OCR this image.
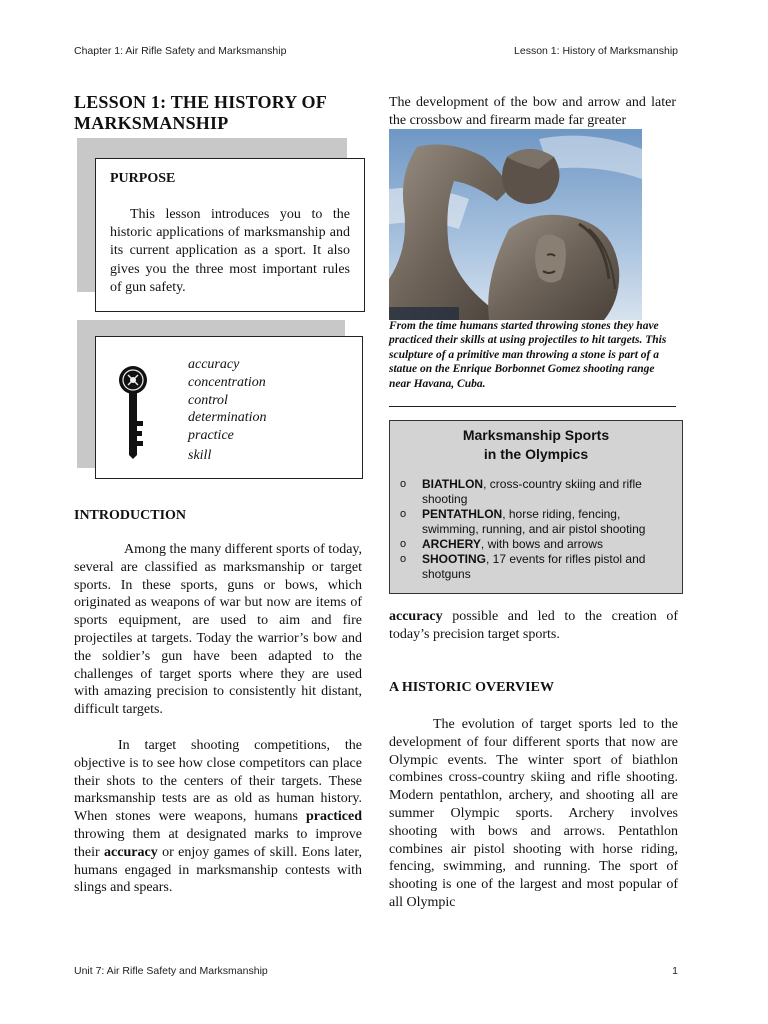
Chapter 1: Air Rifle Safety and Marksmanship	Lesson 1: History of Marksmanship
LESSON 1: THE HISTORY OF MARKSMANSHIP
PURPOSE
This lesson introduces you to the historic applications of marksmanship and its current application as a sport. It also gives you the three most important rules of gun safety.
accuracy
concentration
control
determination
practice
skill
INTRODUCTION
Among the many different sports of today, several are classified as marksmanship or target sports. In these sports, guns or bows, which originated as weapons of war but now are items of sports equipment, are used to aim and fire projectiles at targets. Today the warrior’s bow and the soldier’s gun have been adapted to the challenges of target sports where they are used with amazing precision to consistently hit distant, difficult targets.
In target shooting competitions, the objective is to see how close competitors can place their shots to the centers of their targets. These marksmanship tests are as old as human history. When stones were weapons, humans practiced throwing them at designated marks to improve their accuracy or enjoy games of skill. Eons later, humans engaged in marksmanship contests with slings and spears.
The development of the bow and arrow and later the crossbow and firearm made far greater
From the time humans started throwing stones they have practiced their skills at using projectiles to hit targets. This sculpture of a primitive man throwing a stone is part of a statue on the Enrique Borbonnet Gomez shooting range near Havana, Cuba.
Marksmanship Sports
in the Olympics
o BIATHLON, cross-country skiing and rifle shooting
o PENTATHLON, horse riding, fencing, swimming, running, and air pistol shooting
o ARCHERY, with bows and arrows
o SHOOTING, 17 events for rifles pistol and shotguns
accuracy possible and led to the creation of today’s precision target sports.
A HISTORIC OVERVIEW
The evolution of target sports led to the development of four different sports that now are Olympic events. The winter sport of biathlon combines cross-country skiing and rifle shooting. Modern pentathlon, archery, and shooting all are summer Olympic sports. Archery involves shooting with bows and arrows. Pentathlon combines air pistol shooting with horse riding, fencing, swimming, and running. The sport of shooting is one of the largest and most popular of all Olympic
Unit 7: Air Rifle Safety and Marksmanship	1
